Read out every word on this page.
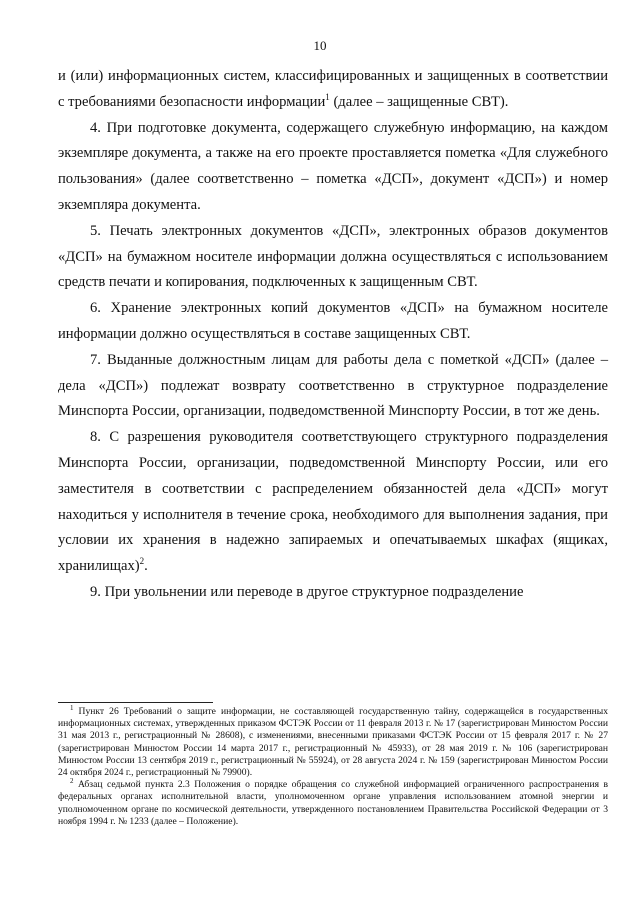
10

и (или) информационных систем, классифицированных и защищенных в соответствии с требованиями безопасности информации$^1$ (далее – защищенные СВТ).

4. При подготовке документа, содержащего служебную информацию, на каждом экземпляре документа, а также на его проекте проставляется пометка «Для служебного пользования» (далее соответственно – пометка «ДСП», документ «ДСП») и номер экземпляра документа.

5. Печать электронных документов «ДСП», электронных образов документов «ДСП» на бумажном носителе информации должна осуществляться с использованием средств печати и копирования, подключенных к защищенным СВТ.

6. Хранение электронных копий документов «ДСП» на бумажном носителе информации должно осуществляться в составе защищенных СВТ.

7. Выданные должностным лицам для работы дела с пометкой «ДСП» (далее – дела «ДСП») подлежат возврату соответственно в структурное подразделение Минспорта России, организации, подведомственной Минспорту России, в тот же день.

8. С разрешения руководителя соответствующего структурного подразделения Минспорта России, организации, подведомственной Минспорту России, или его заместителя в соответствии с распределением обязанностей дела «ДСП» могут находиться у исполнителя в течение срока, необходимого для выполнения задания, при условии их хранения в надежно запираемых и опечатываемых шкафах (ящиках, хранилищах)$^2$.

9. При увольнении или переводе в другое структурное подразделение

$^1$ Пункт 26 Требований о защите информации, не составляющей государственную тайну, содержащейся в государственных информационных системах, утвержденных приказом ФСТЭК России от 11 февраля 2013 г. № 17 (зарегистрирован Минюстом России 31 мая 2013 г., регистрационный № 28608), с изменениями, внесенными приказами ФСТЭК России от 15 февраля 2017 г. № 27 (зарегистрирован Минюстом России 14 марта 2017 г., регистрационный № 45933), от 28 мая 2019 г. № 106 (зарегистрирован Минюстом России 13 сентября 2019 г., регистрационный № 55924), от 28 августа 2024 г. № 159 (зарегистрирован Минюстом России 24 октября 2024 г., регистрационный № 79900).

$^2$ Абзац седьмой пункта 2.3 Положения о порядке обращения со служебной информацией ограниченного распространения в федеральных органах исполнительной власти, уполномоченном органе управления использованием атомной энергии и уполномоченном органе по космической деятельности, утвержденного постановлением Правительства Российской Федерации от 3 ноября 1994 г. № 1233 (далее – Положение).
